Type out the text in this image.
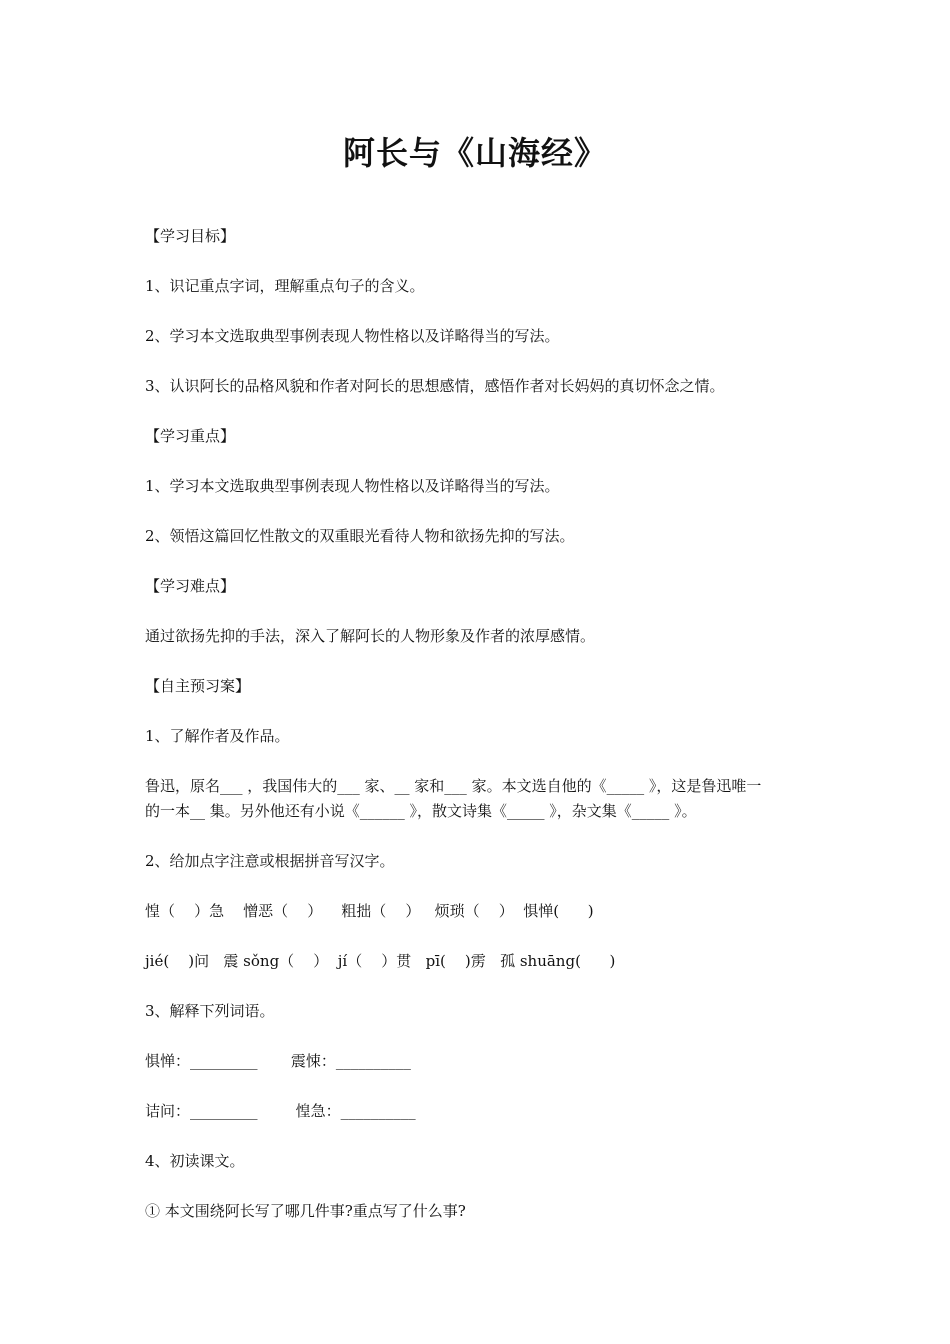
阿长与《山海经》
【学习目标】
1、识记重点字词，理解重点句子的含义。
2、学习本文选取典型事例表现人物性格以及详略得当的写法。
3、认识阿长的品格风貌和作者对阿长的思想感情，感悟作者对长妈妈的真切怀念之情。
【学习重点】
1、学习本文选取典型事例表现人物性格以及详略得当的写法。
2、领悟这篇回忆性散文的双重眼光看待人物和欲扬先抑的写法。
【学习难点】
通过欲扬先抑的手法，深入了解阿长的人物形象及作者的浓厚感情。
【自主预习案】
1、了解作者及作品。
鲁迅，原名___ ，我国伟大的___ 家、__ 家和___ 家。本文选自他的《_____ 》，这是鲁迅唯一
的一本__ 集。另外他还有小说《______ 》，散文诗集《_____ 》，杂文集《_____ 》。
2、给加点字注意或根据拼音写汉字。
惶（    ）急    憎恶（    ）    粗拙（    ）   烦琐（    ）  惧惮(      )
jié(    )问   震 sǒng（    ）  jí（    ）贯   pī(    )雳   孤 shuāng(      )
3、解释下列词语。
惧惮：_________       震悚：__________
诘问：_________        惶急：__________
4、初读课文。
① 本文围绕阿长写了哪几件事?重点写了什么事?
